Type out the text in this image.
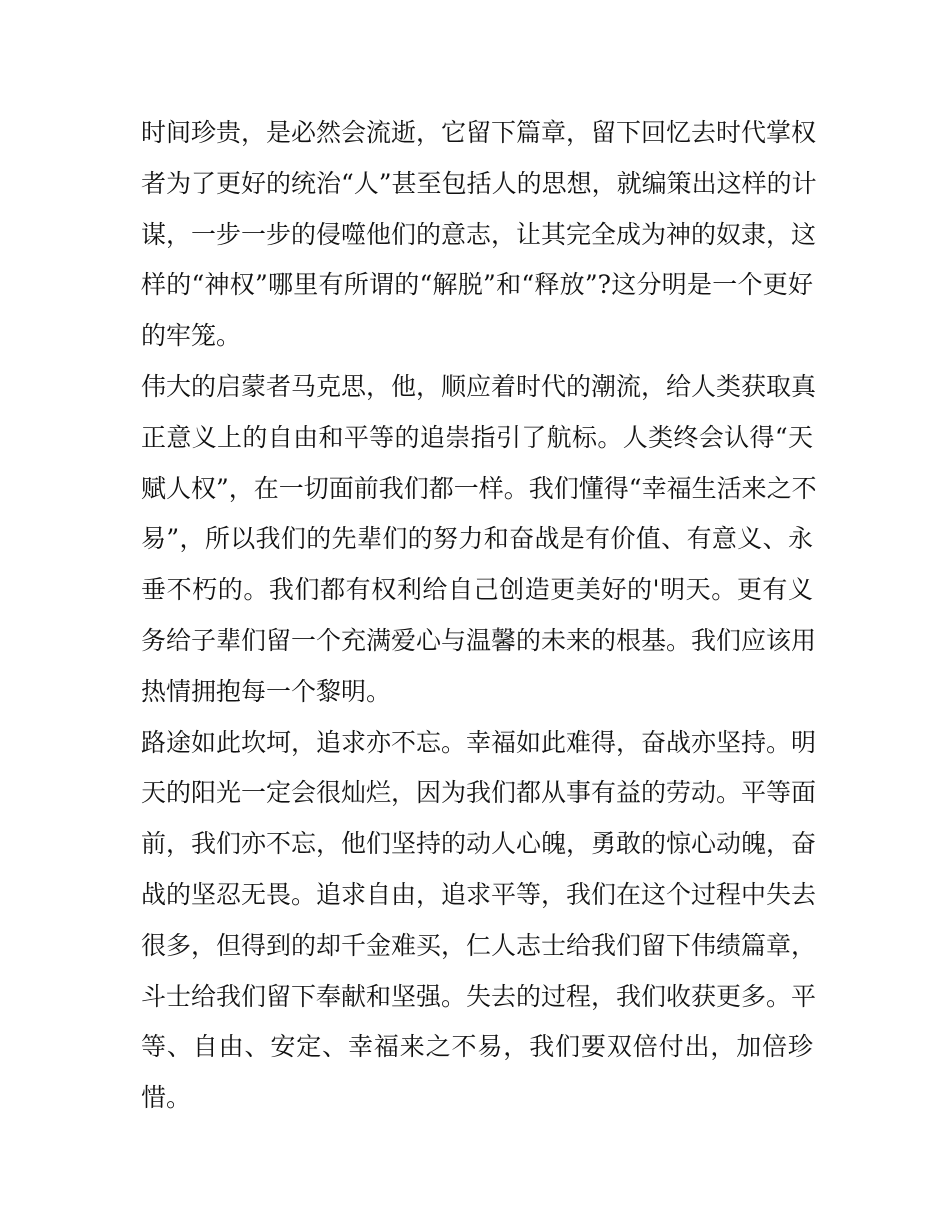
时间珍贵，是必然会流逝，它留下篇章，留下回忆去时代掌权
者为了更好的统治“人”甚至包括人的思想，就编策出这样的计
谋，一步一步的侵噬他们的意志，让其完全成为神的奴隶，这
样的“神权”哪里有所谓的“解脱”和“释放”?这分明是一个更好
的牢笼。
伟大的启蒙者马克思，他，顺应着时代的潮流，给人类获取真
正意义上的自由和平等的追崇指引了航标。人类终会认得“天
赋人权”，在一切面前我们都一样。我们懂得“幸福生活来之不
易”，所以我们的先辈们的努力和奋战是有价值、有意义、永
垂不朽的。我们都有权利给自己创造更美好的'明天。更有义
务给子辈们留一个充满爱心与温馨的未来的根基。我们应该用
热情拥抱每一个黎明。
路途如此坎坷，追求亦不忘。幸福如此难得，奋战亦坚持。明
天的阳光一定会很灿烂，因为我们都从事有益的劳动。平等面
前，我们亦不忘，他们坚持的动人心魄，勇敢的惊心动魄，奋
战的坚忍无畏。追求自由，追求平等，我们在这个过程中失去
很多，但得到的却千金难买，仁人志士给我们留下伟绩篇章，
斗士给我们留下奉献和坚强。失去的过程，我们收获更多。平
等、自由、安定、幸福来之不易，我们要双倍付出，加倍珍
惜。
